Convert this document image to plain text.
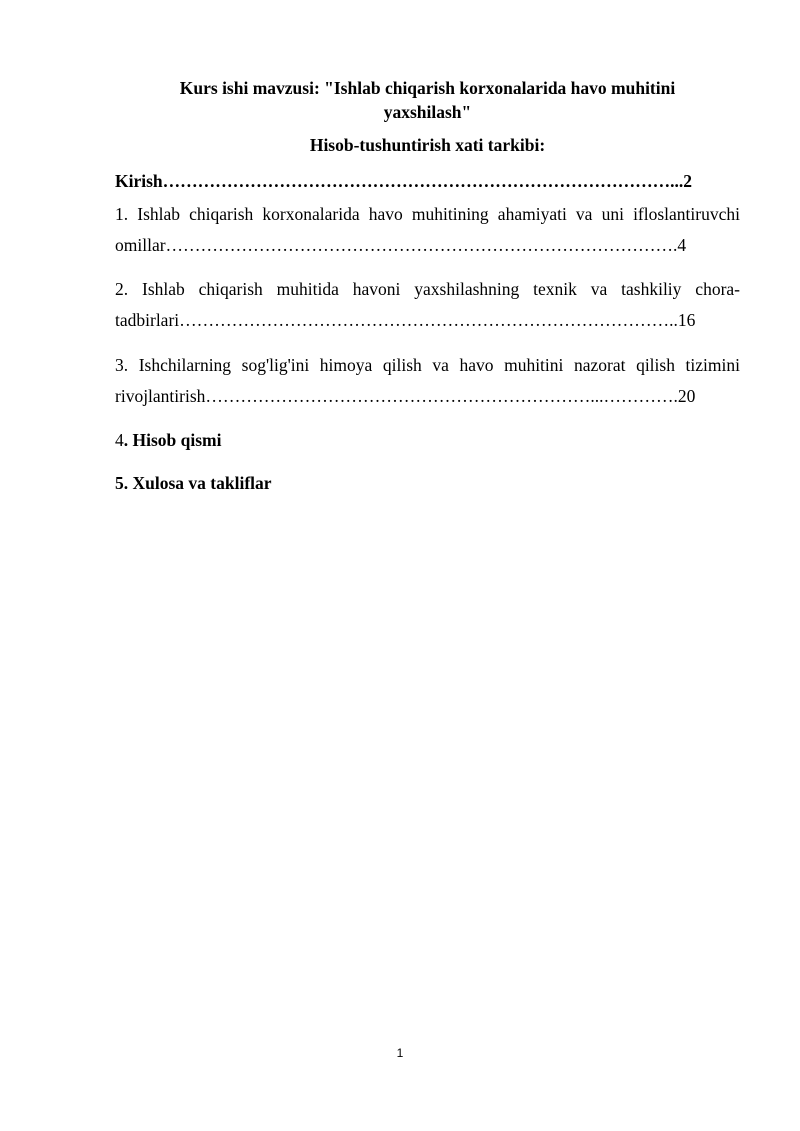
Kurs ishi mavzusi: "Ishlab chiqarish korxonalarida havo muhitini yaxshilash"
Hisob-tushuntirish xati tarkibi:
Kirish……………………………………………………………………………...2
1. Ishlab chiqarish korxonalarida havo muhitining ahamiyati va uni ifloslantiruvchi
omillar…………………………………………………………………………….4
2. Ishlab chiqarish muhitida havoni yaxshilashning texnik va tashkiliy chora-
tadbirlari…………………………………………………………………………..16
3. Ishchilarning sog'lig'ini himoya qilish va havo muhitini nazorat qilish tizimini
rivojlantirish…………………………………………………………...………….20
4. Hisob qismi
5. Xulosa va takliflar
1
